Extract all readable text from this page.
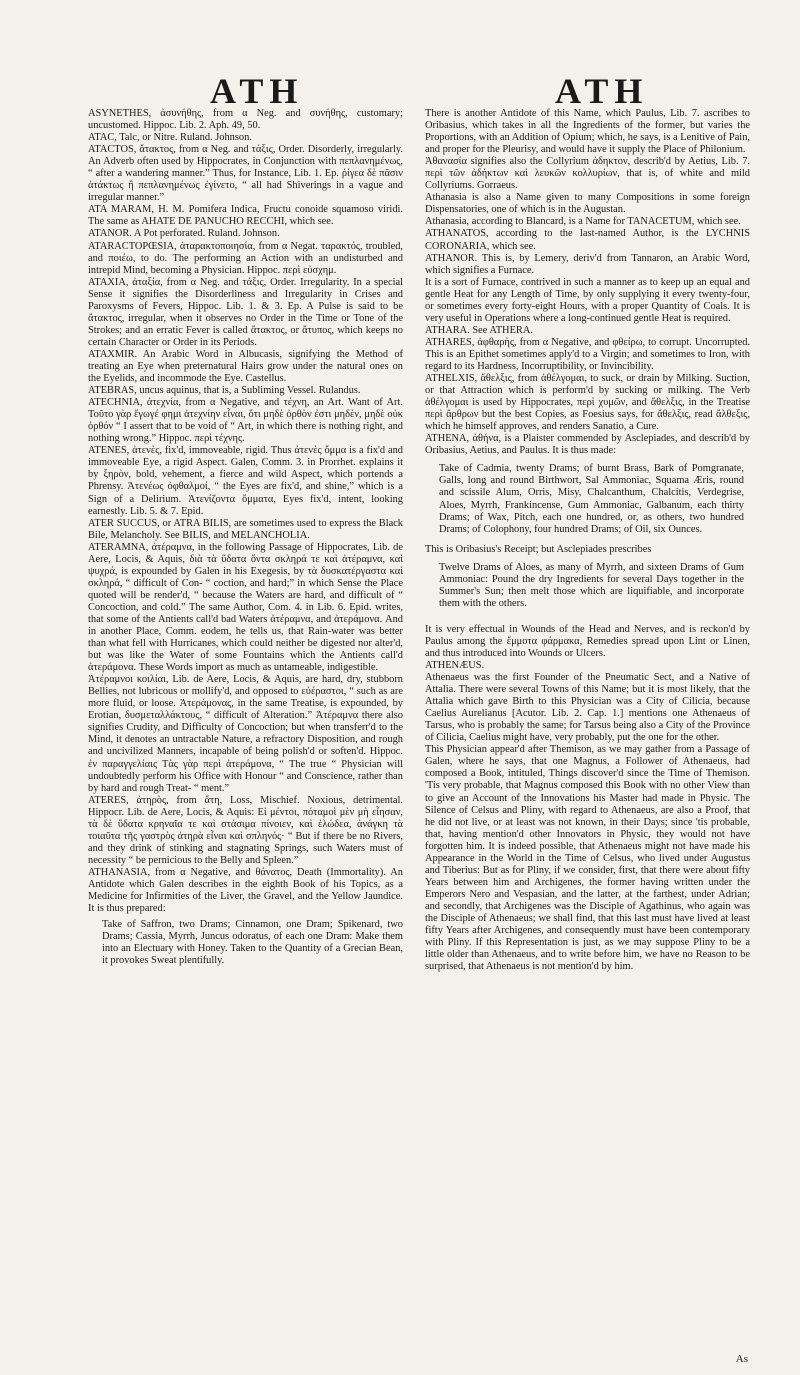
ATH	ATH

ASYNETHES, ἀσυνήθης, from α Neg. and συνήθης, customary; uncustomed. Hippoc. Lib. 2. Aph. 49, 50.

ATAC, Talc, or Nitre. Ruland. Johnson.

ATACTOS, ἄτακτος, from α Neg. and τάξις, Order. Disorderly, irregularly. An Adverb often used by Hippocrates, in Conjunction with πεπλανημένως, “ after a wandering manner.” Thus, for Instance, Lib. 1. Ep. ῥίγεα δὲ πᾶσιν ἀτάκτως ἢ πεπλανημένως ἐγίνετο, “ all had Shiverings in a vague and irregular manner.”

ATA MARAM, H. M. Pomifera Indica, Fructu conoide squamoso viridi. The same as AHATE DE PANUCHO RECCHI, which see.

ATANOR. A Pot perforated. Ruland. Johnson.

ATARACTOPŒSIA, ἀταρακτοποιησία, from α Negat. ταρακτός, troubled, and ποιέω, to do. The performing an Action with an undisturbed and intrepid Mind, becoming a Physician. Hippoc. περὶ εὐσχημ.

ATAXIA, ἀταξία, from α Neg. and τάξις, Order. Irregularity. In a special Sense it signifies the Disorderliness and Irregularity in Crises and Paroxysms of Fevers, Hippoc. Lib. 1. & 3. Ep. A Pulse is said to be ἄτακτος, irregular, when it observes no Order in the Time or Tone of the Strokes; and an erratic Fever is called ἄτακτος, or ἄτυπος, which keeps no certain Character or Order in its Periods.

ATAXMIR. An Arabic Word in Albucasis, signifying the Method of treating an Eye when preternatural Hairs grow under the natural ones on the Eyelids, and incommode the Eye. Castellus.

ATEBRAS, uncus aquinus, that is, a Subliming Vessel. Rulandus.

ATECHNIA, ἀτεχνία, from α Negative, and τέχνη, an Art. Want of Art. Τοῦτο γὰρ ἔγωγέ φημι ἀτεχνίην εἶναι, ὅτι μηδὲ ὀρθὸν ἐστι μηδὲν, μηδὲ οὐκ ὀρθόν “ I assert that to be void of “ Art, in which there is nothing right, and nothing wrong.” Hippoc. περὶ τέχνης.

ATENES, ἀτενὲς, fix'd, immoveable, rigid. Thus ἀτενὲς ὄμμα is a fix'd and immoveable Eye, a rigid Aspect. Galen, Comm. 3. in Prorrhet. explains it by ξηρὸν, bold, vehement, a fierce and wild Aspect, which portends a Phrensy. Ἀτενέως ὀφθαλμοί, “ the Eyes are fix'd, and shine,” which is a Sign of a Delirium. Ἀτενίζοντα ὄμματα, Eyes fix'd, intent, looking earnestly. Lib. 5. & 7. Epid.

ATER SUCCUS, or ATRA BILIS, are sometimes used to express the Black Bile, Melancholy. See BILIS, and MELANCHOLIA.

ATERAMNA, ἀτέραμνα, in the following Passage of Hippocrates, Lib. de Aere, Locis, & Aquis, διὰ τὰ ὕδατα ὄντα σκληρά τε καὶ ἀτέραμνα, καὶ ψυχρά, is expounded by Galen in his Exegesis, by τὰ δυσκατέργαστα καὶ σκληρά, “ difficult of Con- “ coction, and hard;” in which Sense the Place quoted will be render'd, “ because the Waters are hard, and difficult of “ Concoction, and cold.” The same Author, Com. 4. in Lib. 6. Epid. writes, that some of the Antients call'd bad Waters ἀτέραμνα, and ἀτεράμονα. And in another Place, Comm. eodem, he tells us, that Rain-water was better than what fell with Hurricanes, which could neither be digested nor alter'd, but was like the Water of some Fountains which the Antients call'd ἀτεράμονα. These Words import as much as untameable, indigestible.

Ἀτέραμνοι κοιλίαι, Lib. de Aere, Locis, & Aquis, are hard, dry, stubborn Bellies, not lubricous or mollify'd, and opposed to εὐέραστοι, “ such as are more fluid, or loose. Ἀτεράμονας, in the same Treatise, is expounded, by Erotian, δυσμεταλλάκτους, “ difficult of Alteration.” Ἀτέραμνα there also signifies Crudity, and Difficulty of Concoction; but when transferr'd to the Mind, it denotes an untractable Nature, a refractory Disposition, and rough and uncivilized Manners, incapable of being polish'd or soften'd. Hippoc. ἐν παραγγελίαις Τὰς γὰρ περὶ ἀτεράμονα, “ The true “ Physician will undoubtedly perform his Office with Honour “ and Conscience, rather than by hard and rough Treat- “ ment.”

ATERES, ἀτηρὸς, from ἄτη, Loss, Mischief. Noxious, detrimental. Hippocr. Lib. de Aere, Locis, & Aquis: Εἰ μέντοι, πόταμοὶ μὲν μὴ εἶησαν, τὰ δὲ ὕδατα κρηναῖα τε καὶ στάσιμα πίνοιεν, καὶ ἑλώδεα, ἀνάγκη τὰ τοιαῦτα τῆς γαστρὸς ἀτηρὰ εἶναι καὶ σπληνός· “ But if there be no Rivers, and they drink of stinking and stagnating Springs, such Waters must of necessity “ be pernicious to the Belly and Spleen.”

ATHANASIA, from α Negative, and θάνατος, Death (Immortality). An Antidote which Galen describes in the eighth Book of his Topics, as a Medicine for Infirmities of the Liver, the Gravel, and the Yellow Jaundice. It is thus prepared:

Take of Saffron, two Drams; Cinnamon, one Dram; Spikenard, two Drams; Cassia, Myrrh, Juncus odoratus, of each one Dram: Make them into an Electuary with Honey. Taken to the Quantity of a Grecian Bean, it provokes Sweat plentifully.

There is another Antidote of this Name, which Paulus, Lib. 7. ascribes to Oribasius, which takes in all the Ingredients of the former, but varies the Proportions, with an Addition of Opium; which, he says, is a Lenitive of Pain, and proper for the Pleurisy, and would have it supply the Place of Philonium.

Ἀθανασία signifies also the Collyrium ἀδηκτον, describ'd by Aetius, Lib. 7. περὶ τῶν ἀδήκτων καὶ λευκῶν κολλυρίων, that is, of white and mild Collyriums. Gorraeus.

Athanasia is also a Name given to many Compositions in some foreign Dispensatories, one of which is in the Augustan.

Athanasia, according to Blancard, is a Name for TANACETUM, which see.

ATHANATOS, according to the last-named Author, is the LYCHNIS CORONARIA, which see.

ATHANOR. This is, by Lemery, deriv'd from Tannaron, an Arabic Word, which signifies a Furnace.

It is a sort of Furnace, contrived in such a manner as to keep up an equal and gentle Heat for any Length of Time, by only supplying it every twenty-four, or sometimes every forty-eight Hours, with a proper Quantity of Coals. It is very useful in Operations where a long-continued gentle Heat is required.

ATHARA. See ATHERA.

ATHARES, ἀφθαρὴς, from α Negative, and φθείρω, to corrupt. Uncorrupted. This is an Epithet sometimes apply'd to a Virgin; and sometimes to Iron, with regard to its Hardness, Incorruptibility, or Invincibility.

ATHELXIS, ἄθελξις, from ἀθέλγομαι, to suck, or drain by Milking. Suction, or that Attraction which is perform'd by sucking or milking. The Verb ἀθέλγομαι is used by Hippocrates, περὶ χυμῶν, and ἄθελξις, in the Treatise περὶ ἄρθρων but the best Copies, as Foesius says, for ἄθελξις, read ἄλθεξις, which he himself approves, and renders Sanatio, a Cure.

ATHENA, ἀθήνα, is a Plaister commended by Asclepiades, and describ'd by Oribasius, Aetius, and Paulus. It is thus made:

Take of Cadmia, twenty Drams; of burnt Brass, Bark of Pomgranate, Galls, long and round Birthwort, Sal Ammoniac, Squama Æris, round and scissile Alum, Orris, Misy, Chalcanthum, Chalcitis, Verdegrise, Aloes, Myrrh, Frankincense, Gum Ammoniac, Galbanum, each thirty Drams; of Wax, Pitch, each one hundred, or, as others, two hundred Drams; of Colophony, four hundred Drams; of Oil, six Ounces.

This is Oribasius's Receipt; but Asclepiades prescribes

Twelve Drams of Aloes, as many of Myrrh, and sixteen Drams of Gum Ammoniac: Pound the dry Ingredients for several Days together in the Summer's Sun; then melt those which are liquifiable, and incorporate them with the others.

It is very effectual in Wounds of the Head and Nerves, and is reckon'd by Paulus among the ἔμμοτα φάρμακα, Remedies spread upon Lint or Linen, and thus introduced into Wounds or Ulcers.

ATHENÆUS.

Athenaeus was the first Founder of the Pneumatic Sect, and a Native of Attalia. There were several Towns of this Name; but it is most likely, that the Attalia which gave Birth to this Physician was a City of Cilicia, because Caelius Aurelianus [Acutor. Lib. 2. Cap. 1.] mentions one Athenaeus of Tarsus, who is probably the same; for Tarsus being also a City of the Province of Cilicia, Caelius might have, very probably, put the one for the other.

This Physician appear'd after Themison, as we may gather from a Passage of Galen, where he says, that one Magnus, a Follower of Athenaeus, had composed a Book, intituled, Things discover'd since the Time of Themison. 'Tis very probable, that Magnus composed this Book with no other View than to give an Account of the Innovations his Master had made in Physic. The Silence of Celsus and Pliny, with regard to Athenaeus, are also a Proof, that he did not live, or at least was not known, in their Days; since 'tis probable, that, having mention'd other Innovators in Physic, they would not have forgotten him. It is indeed possible, that Athenaeus might not have made his Appearance in the World in the Time of Celsus, who lived under Augustus and Tiberius: But as for Pliny, if we consider, first, that there were about fifty Years between him and Archigenes, the former having written under the Emperors Nero and Vespasian, and the latter, at the farthest, under Adrian; and secondly, that Archigenes was the Disciple of Agathinus, who again was the Disciple of Athenaeus; we shall find, that this last must have lived at least fifty Years after Archigenes, and consequently must have been contemporary with Pliny. If this Representation is just, as we may suppose Pliny to be a little older than Athenaeus, and to write before him, we have no Reason to be surprised, that Athenaeus is not mention'd by him.

As
